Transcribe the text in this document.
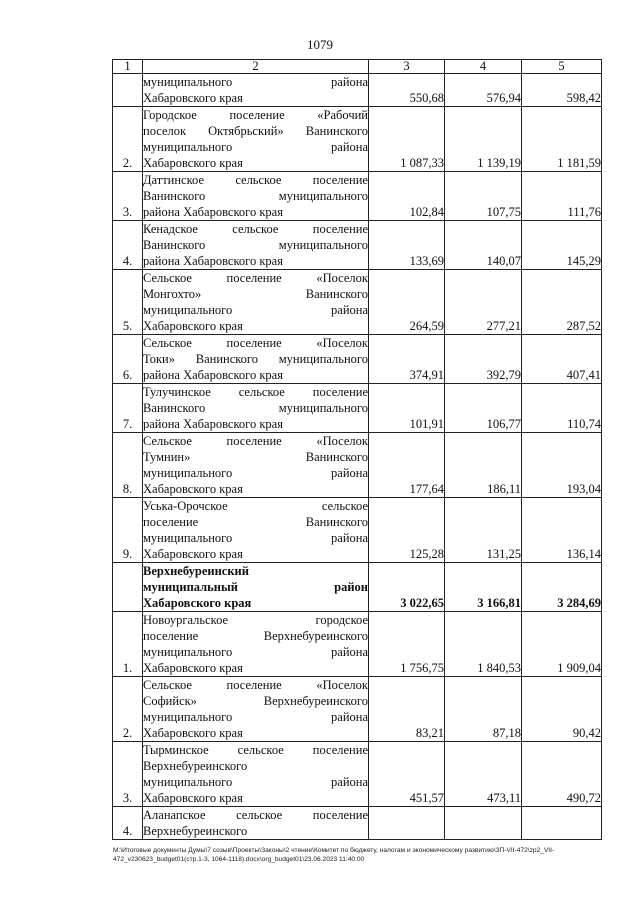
1079
1	2	3	4	5

	муниципального района
Хабаровского края	550,68	576,94	598,42
2.	Городское поселение «Рабочий
поселок Октябрьский» Ванинского
муниципального района
Хабаровского края	1 087,33	1 139,19	1 181,59
3.	Даттинское сельское поселение
Ванинского муниципального
района Хабаровского края	102,84	107,75	111,76
4.	Кенадское сельское поселение
Ванинского муниципального
района Хабаровского края	133,69	140,07	145,29
5.	Сельское поселение «Поселок
Монгохто» Ванинского
муниципального района
Хабаровского края	264,59	277,21	287,52
6.	Сельское поселение «Поселок
Токи» Ванинского муниципального
района Хабаровского края	374,91	392,79	407,41
7.	Тулучинское сельское поселение
Ванинского муниципального
района Хабаровского края	101,91	106,77	110,74
8.	Сельское поселение «Поселок
Тумнин» Ванинского
муниципального района
Хабаровского края	177,64	186,11	193,04
9.	Уська-Орочское сельское
поселение Ванинского
муниципального района
Хабаровского края	125,28	131,25	136,14

	Верхнебуреинский
муниципальный район
Хабаровского края	3 022,65	3 166,81	3 284,69
1.	Новоургальское городское
поселение Верхнебуреинского
муниципального района
Хабаровского края	1 756,75	1 840,53	1 909,04
2.	Сельское поселение «Поселок
Софийск» Верхнебуреинского
муниципального района
Хабаровского края	83,21	87,18	90,42
3.	Тырминское сельское поселение
Верхнебуреинского
муниципального района
Хабаровского края	451,57	473,11	490,72
4.	Аланапское сельское поселение
Верхнебуреинского			

M:\Итоговые документы Думы\7 созыв\Проекты\Законы\2 чтение\Комитет по бюджету, налогам и экономическому развитию\ЗП-VII-472\zp2_VII-472_v230623_budget01(стр.1-3, 1064-1118).docx\org_budget01\23.06.2023 11:40:00
